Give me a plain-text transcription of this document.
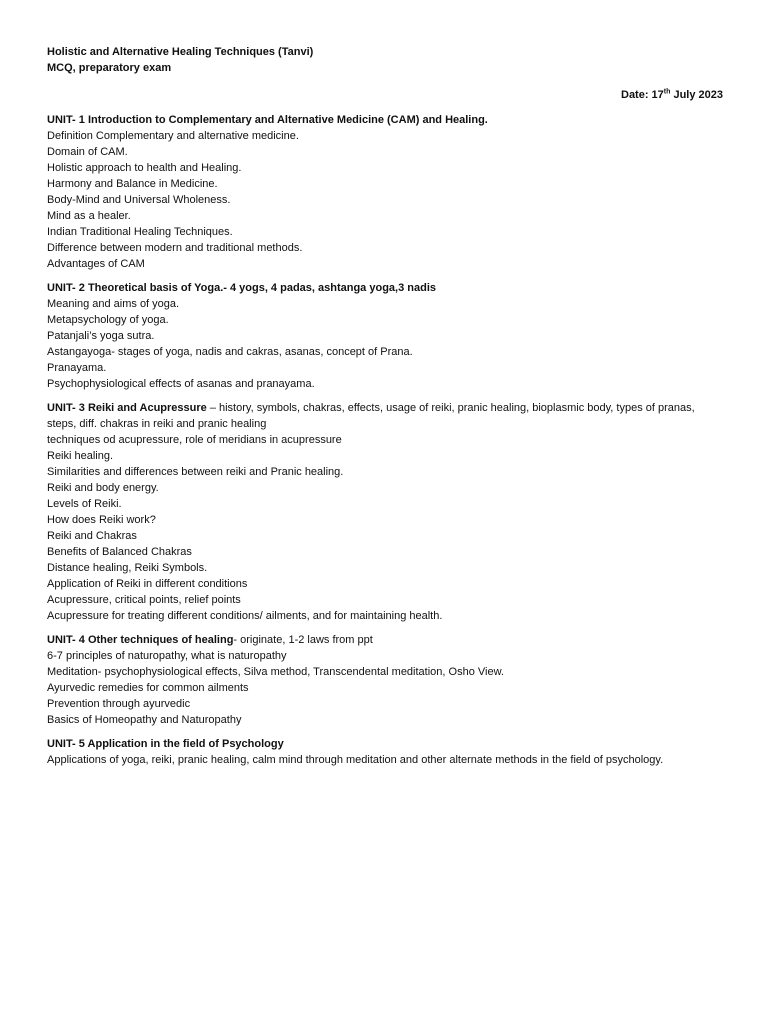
Holistic and Alternative Healing Techniques (Tanvi)

MCQ, preparatory exam

Date: 17th July 2023

UNIT- 1 Introduction to Complementary and Alternative Medicine (CAM) and Healing.

Definition Complementary and alternative medicine.

Domain of CAM.

Holistic approach to health and Healing.

Harmony and Balance in Medicine.

Body-Mind and Universal Wholeness.

Mind as a healer.

Indian Traditional Healing Techniques.

Difference between modern and traditional methods.

Advantages of CAM

UNIT- 2 Theoretical basis of Yoga.- 4 yogs, 4 padas, ashtanga yoga,3 nadis

Meaning and aims of yoga.

Metapsychology of yoga.

Patanjali’s yoga sutra.

Astangayoga- stages of yoga, nadis and cakras, asanas, concept of Prana.

Pranayama.

Psychophysiological effects of asanas and pranayama.

UNIT- 3 Reiki and Acupressure – history, symbols, chakras, effects, usage of reiki, pranic healing, bioplasmic body, types of pranas, steps, diff. chakras in reiki and pranic healing

techniques od acupressure, role of meridians in acupressure

Reiki healing.

Similarities and differences between reiki and Pranic healing.

Reiki and body energy.

Levels of Reiki.

How does Reiki work?

Reiki and Chakras

Benefits of Balanced Chakras

Distance healing, Reiki Symbols.

Application of Reiki in different conditions

Acupressure, critical points, relief points

Acupressure for treating different conditions/ ailments, and for maintaining health.

UNIT- 4 Other techniques of healing- originate, 1-2 laws from ppt

6-7 principles of naturopathy, what is naturopathy

Meditation- psychophysiological effects, Silva method, Transcendental meditation, Osho View.

Ayurvedic remedies for common ailments

Prevention through ayurvedic

Basics of Homeopathy and Naturopathy

UNIT- 5 Application in the field of Psychology

Applications of yoga, reiki, pranic healing, calm mind through meditation and other alternate methods in the field of psychology.
